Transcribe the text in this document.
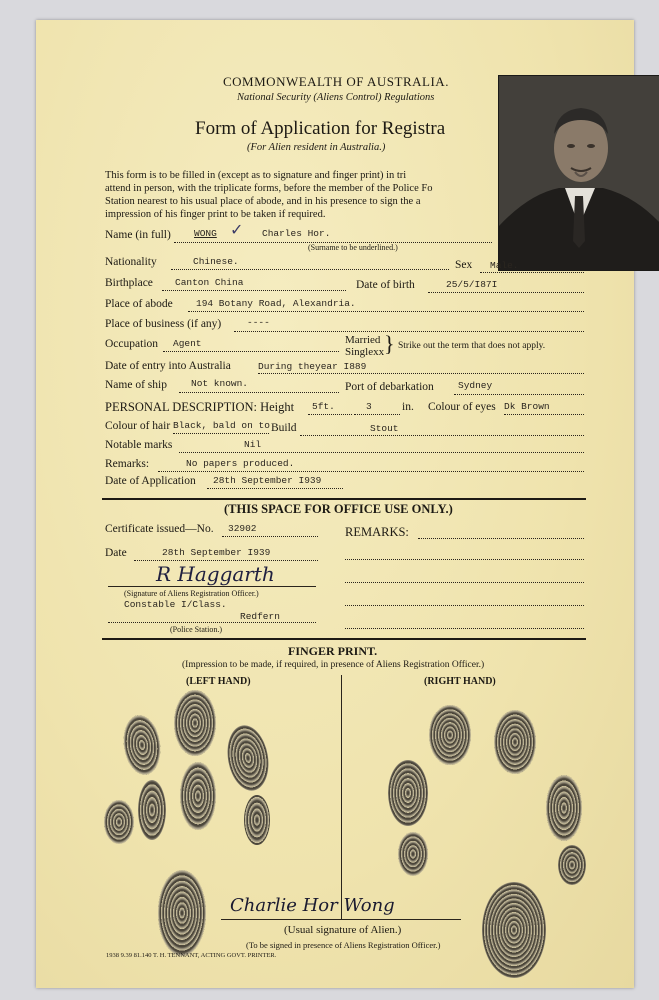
COMMONWEALTH OF AUSTRALIA.
National Security (Aliens Control) Regulations
Form of Application for Registra
(For Alien resident in Australia.)
This form is to be filled in (except as to signature and finger print) in tri
attend in person, with the triplicate forms, before the member of the Police Fo
Station nearest to his usual place of abode, and in his presence to sign the a
impression of his finger print to be taken if required.
Name (in full) WONG ✓ Charles Hor.
(Surname to be underlined.)
Nationality	Chinese.	Sex Male.
Birthplace Canton China	Date of birth	25/5/I87I
Place of abode 194 Botany Road, Alexandria.
Place of business (if any)	----
Occupation Agent	Married
Singlexx } Strike out the term that does not apply.
Date of entry into Australia	During theyear I889
Name of ship	Not known.	Port of debarkation	Sydney
PERSONAL DESCRIPTION: Height 5ft.	3	in. Colour of eyes Dk Brown
Colour of hair Black, bald on to Build	Stout
Notable marks	Nil
Remarks:	No papers produced.
Date of Application 28th September I939
(THIS SPACE FOR OFFICE USE ONLY.)
Certificate issued—No. 32902	REMARKS:
Date	28th September I939
R Haggarth
(Signature of Aliens Registration Officer.)
Constable I/Class.
Redfern
(Police Station.)
FINGER PRINT.
(Impression to be made, if required, in presence of Aliens Registration Officer.)
(LEFT HAND)	(RIGHT HAND)
Charlie Hor Wong
(Usual signature of Alien.)
(To be signed in presence of Aliens Registration Officer.)
1938 9.39 81.140 T. H. TENNANT, ACTING GOVT. PRINTER.
